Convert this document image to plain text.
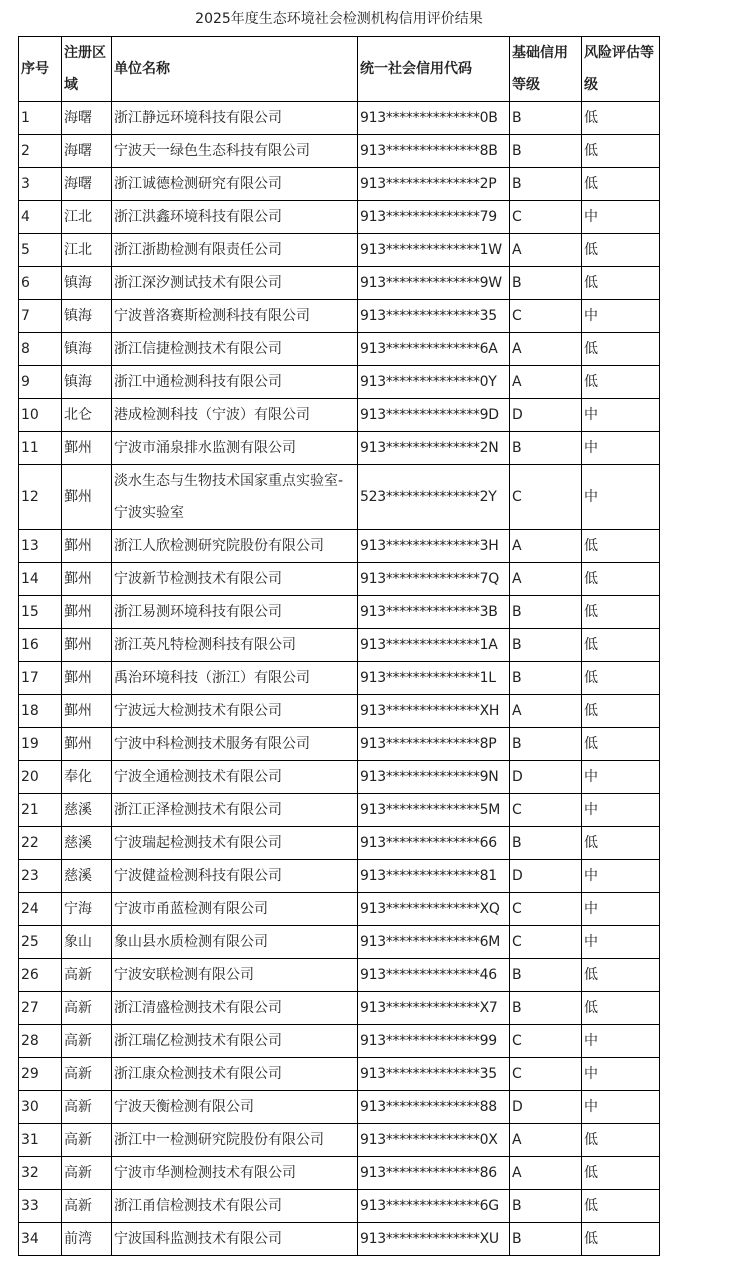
2025年度生态环境社会检测机构信用评价结果
序号	注册区域	单位名称	统一社会信用代码	基础信用等级	风险评估等级
1	海曙	浙江静远环境科技有限公司	913**************0B	B	低
2	海曙	宁波天一绿色生态科技有限公司	913**************8B	B	低
3	海曙	浙江诚德检测研究有限公司	913**************2P	B	低
4	江北	浙江洪鑫环境科技有限公司	913**************79	C	中
5	江北	浙江浙勘检测有限责任公司	913**************1W	A	低
6	镇海	浙江深汐测试技术有限公司	913**************9W	B	低
7	镇海	宁波普洛赛斯检测科技有限公司	913**************35	C	中
8	镇海	浙江信捷检测技术有限公司	913**************6A	A	低
9	镇海	浙江中通检测科技有限公司	913**************0Y	A	低
10	北仑	港成检测科技（宁波）有限公司	913**************9D	D	中
11	鄞州	宁波市涌泉排水监测有限公司	913**************2N	B	中
12	鄞州	淡水生态与生物技术国家重点实验室-宁波实验室	523**************2Y	C	中
13	鄞州	浙江人欣检测研究院股份有限公司	913**************3H	A	低
14	鄞州	宁波新节检测技术有限公司	913**************7Q	A	低
15	鄞州	浙江易测环境科技有限公司	913**************3B	B	低
16	鄞州	浙江英凡特检测科技有限公司	913**************1A	B	低
17	鄞州	禹治环境科技（浙江）有限公司	913**************1L	B	低
18	鄞州	宁波远大检测技术有限公司	913**************XH	A	低
19	鄞州	宁波中科检测技术服务有限公司	913**************8P	B	低
20	奉化	宁波全通检测技术有限公司	913**************9N	D	中
21	慈溪	浙江正泽检测技术有限公司	913**************5M	C	中
22	慈溪	宁波瑞起检测技术有限公司	913**************66	B	低
23	慈溪	宁波健益检测科技有限公司	913**************81	D	中
24	宁海	宁波市甬蓝检测有限公司	913**************XQ	C	中
25	象山	象山县水质检测有限公司	913**************6M	C	中
26	高新	宁波安联检测有限公司	913**************46	B	低
27	高新	浙江清盛检测技术有限公司	913**************X7	B	低
28	高新	浙江瑞亿检测技术有限公司	913**************99	C	中
29	高新	浙江康众检测技术有限公司	913**************35	C	中
30	高新	宁波天衡检测有限公司	913**************88	D	中
31	高新	浙江中一检测研究院股份有限公司	913**************0X	A	低
32	高新	宁波市华测检测技术有限公司	913**************86	A	低
33	高新	浙江甬信检测技术有限公司	913**************6G	B	低
34	前湾	宁波国科监测技术有限公司	913**************XU	B	低
